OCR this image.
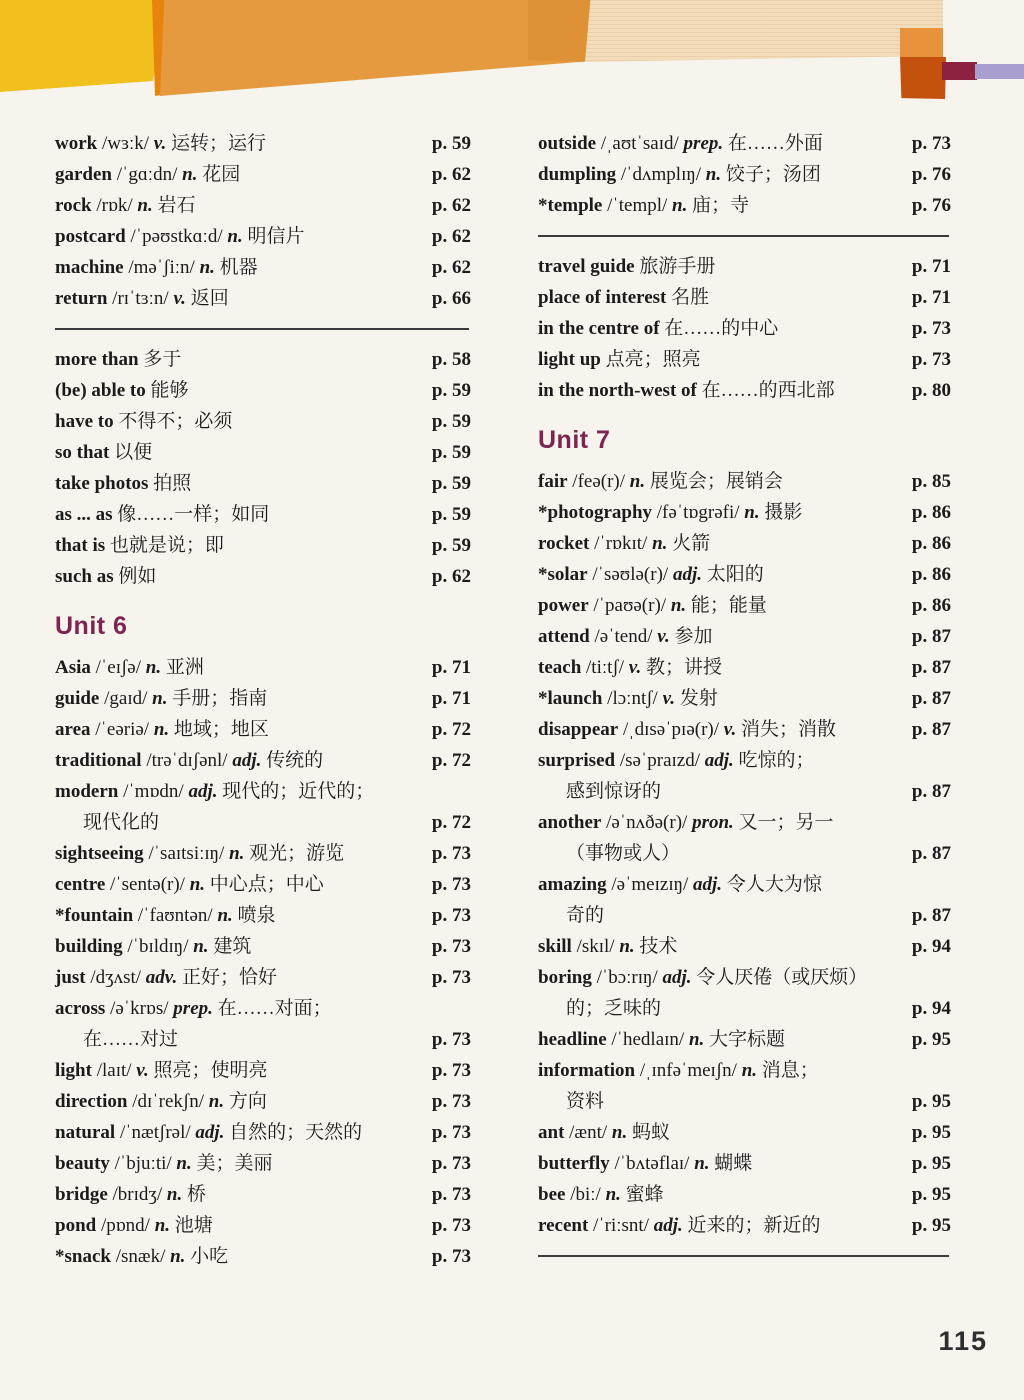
work /wɜːk/ v. 运转；运行	p. 59
garden /ˈgɑːdn/ n. 花园	p. 62
rock /rɒk/ n. 岩石	p. 62
postcard /ˈpəʊstkɑːd/ n. 明信片	p. 62
machine /məˈʃiːn/ n. 机器	p. 62
return /rɪˈtɜːn/ v. 返回	p. 66
more than 多于	p. 58
(be) able to 能够	p. 59
have to 不得不；必须	p. 59
so that 以便	p. 59
take photos 拍照	p. 59
as ... as 像……一样；如同	p. 59
that is 也就是说；即	p. 59
such as 例如	p. 62
Unit 6
Asia /ˈeɪʃə/ n. 亚洲	p. 71
guide /gaɪd/ n. 手册；指南	p. 71
area /ˈeəriə/ n. 地域；地区	p. 72
traditional /trəˈdɪʃənl/ adj. 传统的	p. 72
modern /ˈmɒdn/ adj. 现代的；近代的；
现代化的	p. 72
sightseeing /ˈsaɪtsiːɪŋ/ n. 观光；游览	p. 73
centre /ˈsentə(r)/ n. 中心点；中心	p. 73
*fountain /ˈfaʊntən/ n. 喷泉	p. 73
building /ˈbɪldɪŋ/ n. 建筑	p. 73
just /dʒʌst/ adv. 正好；恰好	p. 73
across /əˈkrɒs/ prep. 在……对面；
在……对过	p. 73
light /laɪt/ v. 照亮；使明亮	p. 73
direction /dɪˈrekʃn/ n. 方向	p. 73
natural /ˈnætʃrəl/ adj. 自然的；天然的	p. 73
beauty /ˈbjuːti/ n. 美；美丽	p. 73
bridge /brɪdʒ/ n. 桥	p. 73
pond /pɒnd/ n. 池塘	p. 73
*snack /snæk/ n. 小吃	p. 73
outside /ˌaʊtˈsaɪd/ prep. 在……外面	p. 73
dumpling /ˈdʌmplɪŋ/ n. 饺子；汤团	p. 76
*temple /ˈtempl/ n. 庙；寺	p. 76
travel guide 旅游手册	p. 71
place of interest 名胜	p. 71
in the centre of 在……的中心	p. 73
light up 点亮；照亮	p. 73
in the north-west of 在……的西北部	p. 80
Unit 7
fair /feə(r)/ n. 展览会；展销会	p. 85
*photography /fəˈtɒgrəfi/ n. 摄影	p. 86
rocket /ˈrɒkɪt/ n. 火箭	p. 86
*solar /ˈsəʊlə(r)/ adj. 太阳的	p. 86
power /ˈpaʊə(r)/ n. 能；能量	p. 86
attend /əˈtend/ v. 参加	p. 87
teach /tiːtʃ/ v. 教；讲授	p. 87
*launch /lɔːntʃ/ v. 发射	p. 87
disappear /ˌdɪsəˈpɪə(r)/ v. 消失；消散	p. 87
surprised /səˈpraɪzd/ adj. 吃惊的；
感到惊讶的	p. 87
another /əˈnʌðə(r)/ pron. 又一；另一
（事物或人）	p. 87
amazing /əˈmeɪzɪŋ/ adj. 令人大为惊
奇的	p. 87
skill /skɪl/ n. 技术	p. 94
boring /ˈbɔːrɪŋ/ adj. 令人厌倦（或厌烦）
的；乏味的	p. 94
headline /ˈhedlaɪn/ n. 大字标题	p. 95
information /ˌɪnfəˈmeɪʃn/ n. 消息；
资料	p. 95
ant /ænt/ n. 蚂蚁	p. 95
butterfly /ˈbʌtəflaɪ/ n. 蝴蝶	p. 95
bee /biː/ n. 蜜蜂	p. 95
recent /ˈriːsnt/ adj. 近来的；新近的	p. 95
115
